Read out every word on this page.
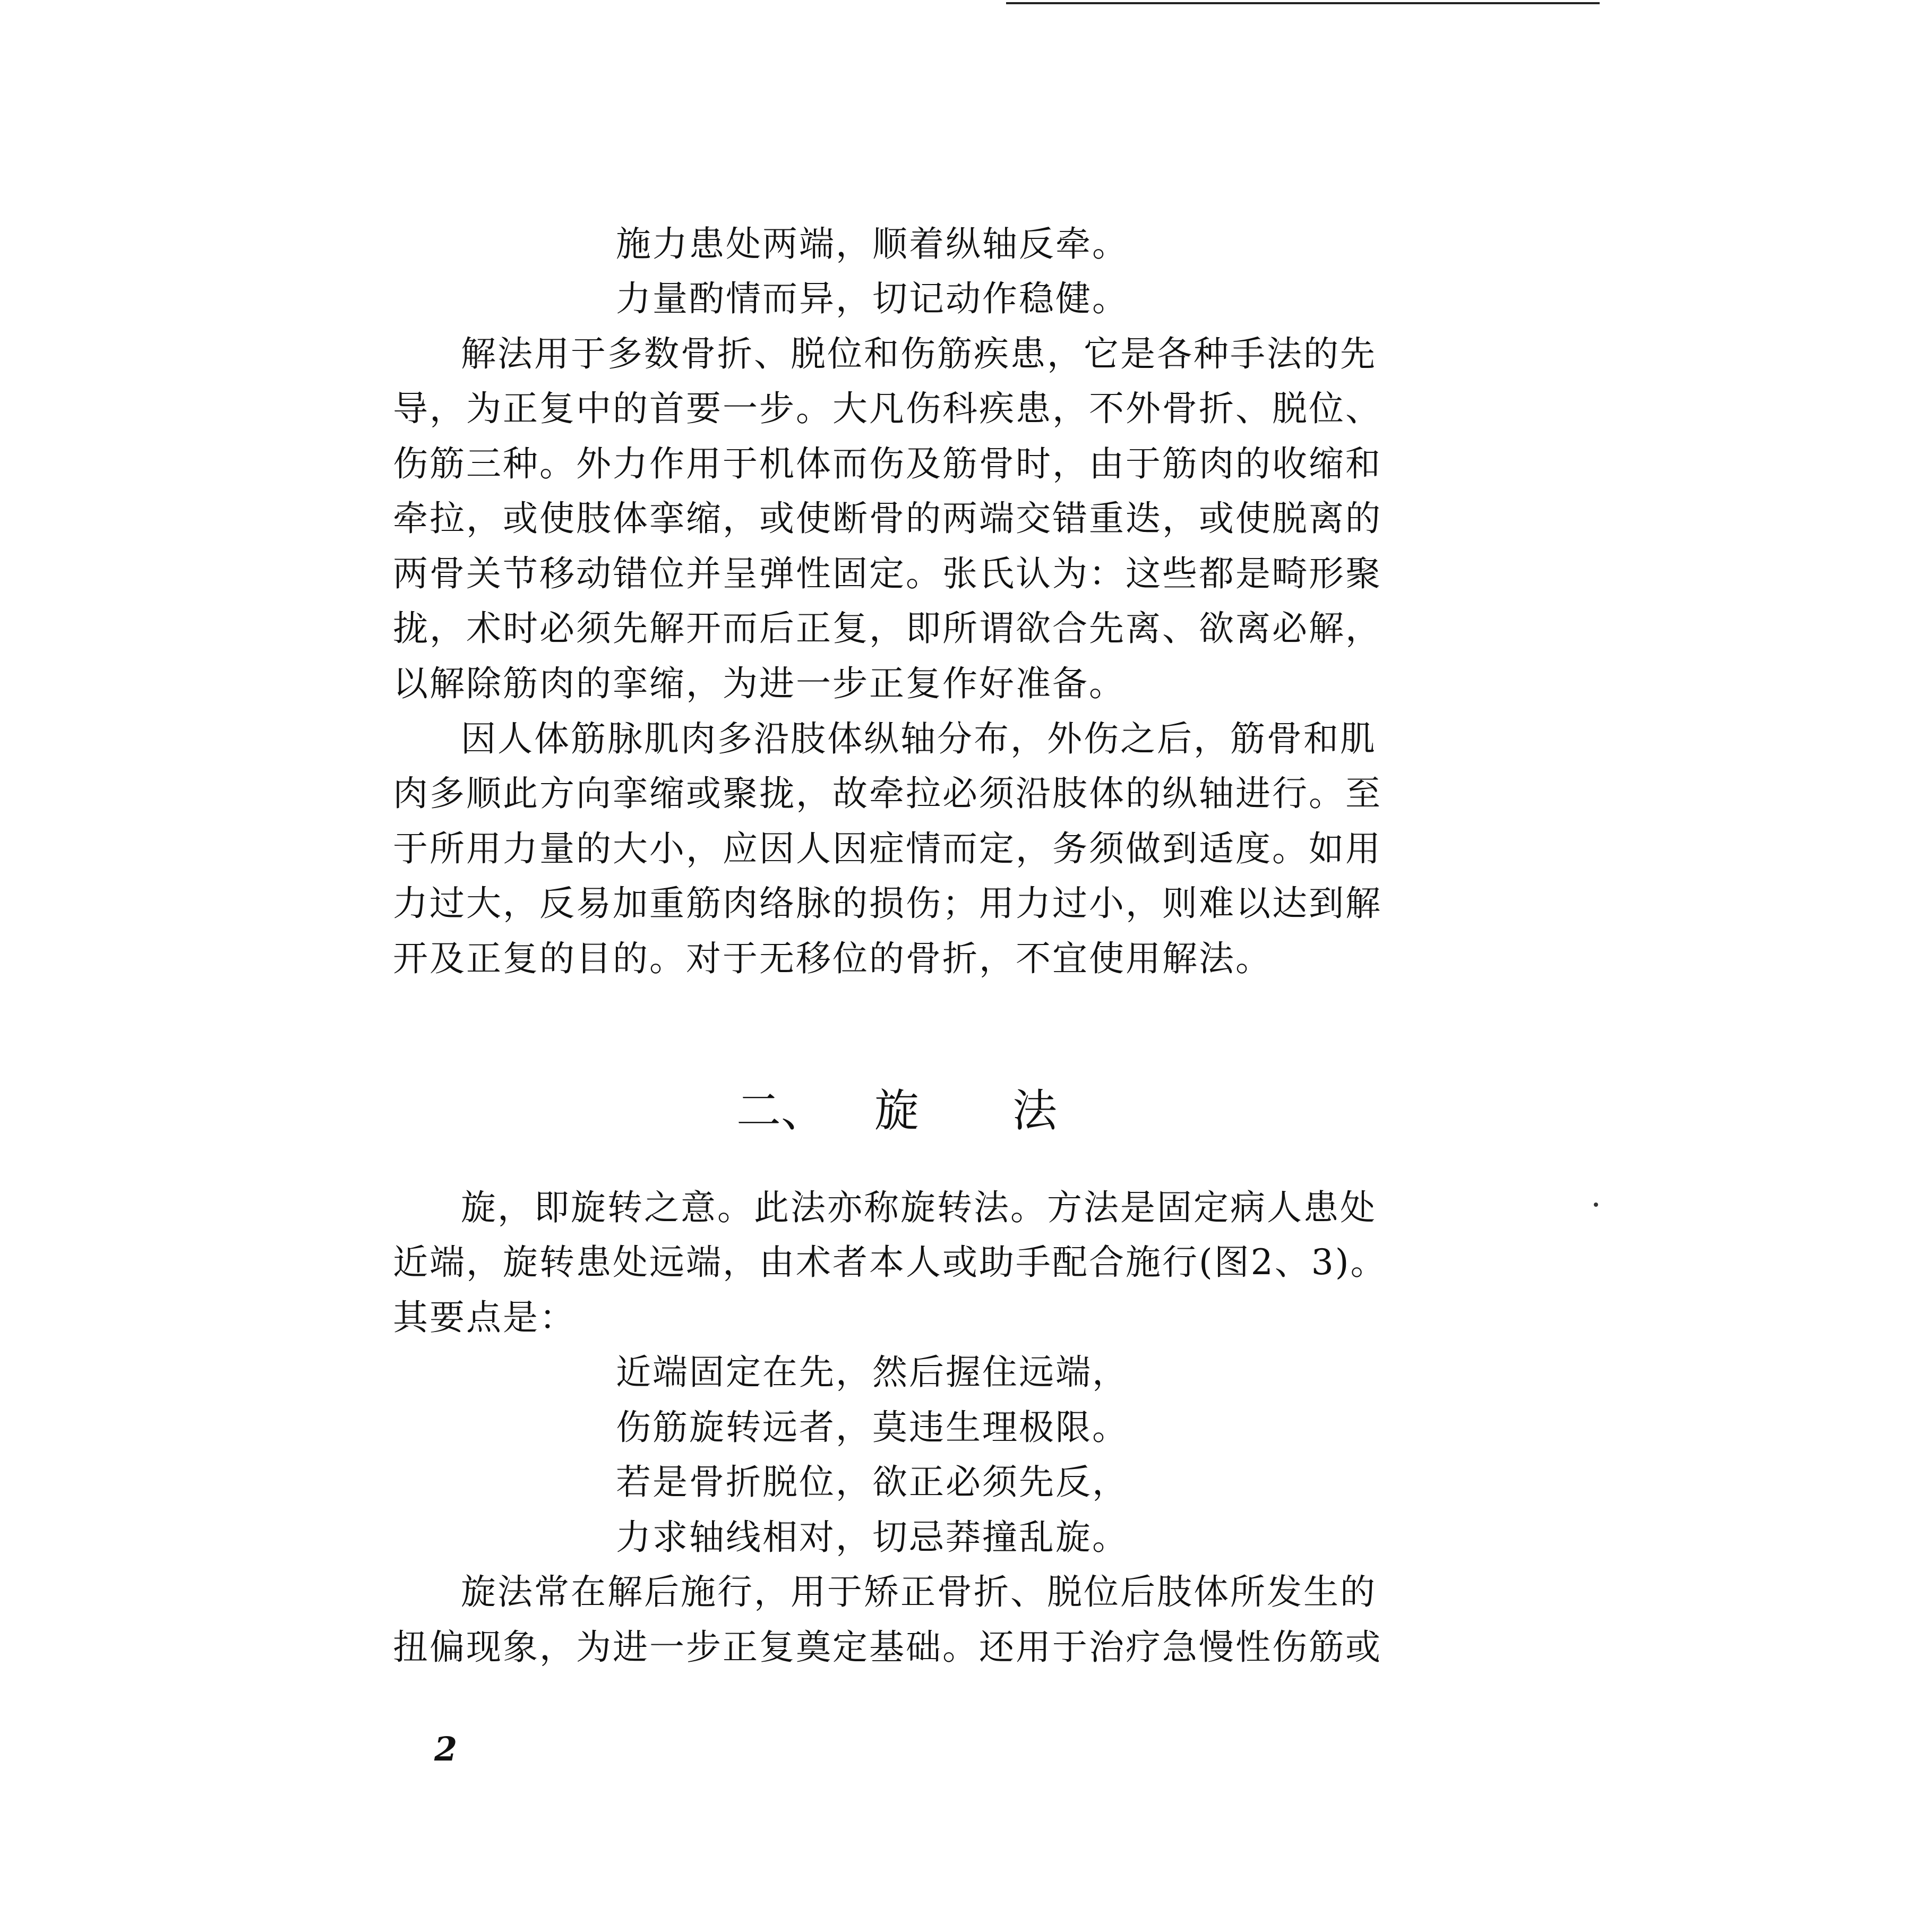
施力患处两端，顺着纵轴反牵。
力量酌情而异，切记动作稳健。
解法用于多数骨折、脱位和伤筋疾患，它是各种手法的先
导，为正复中的首要一步。大凡伤科疾患，不外骨折、脱位、
伤筋三种。外力作用于机体而伤及筋骨时，由于筋肉的收缩和
牵拉，或使肢体挛缩，或使断骨的两端交错重迭，或使脱离的
两骨关节移动错位并呈弹性固定。张氏认为：这些都是畸形聚
拢，术时必须先解开而后正复，即所谓欲合先离、欲离必解，
以解除筋肉的挛缩，为进一步正复作好准备。
因人体筋脉肌肉多沿肢体纵轴分布，外伤之后，筋骨和肌
肉多顺此方向挛缩或聚拢，故牵拉必须沿肢体的纵轴进行。至
于所用力量的大小，应因人因症情而定，务须做到适度。如用
力过大，反易加重筋肉络脉的损伤；用力过小，则难以达到解
开及正复的目的。对于无移位的骨折，不宜使用解法。
二、 旋 法
旋，即旋转之意。此法亦称旋转法。方法是固定病人患处
近端，旋转患处远端，由术者本人或助手配合施行(图2、3)。
其要点是：
近端固定在先，然后握住远端，
伤筋旋转远者，莫违生理极限。
若是骨折脱位，欲正必须先反，
力求轴线相对，切忌莽撞乱旋。
旋法常在解后施行，用于矫正骨折、脱位后肢体所发生的
扭偏现象，为进一步正复奠定基础。还用于治疗急慢性伤筋或
2
